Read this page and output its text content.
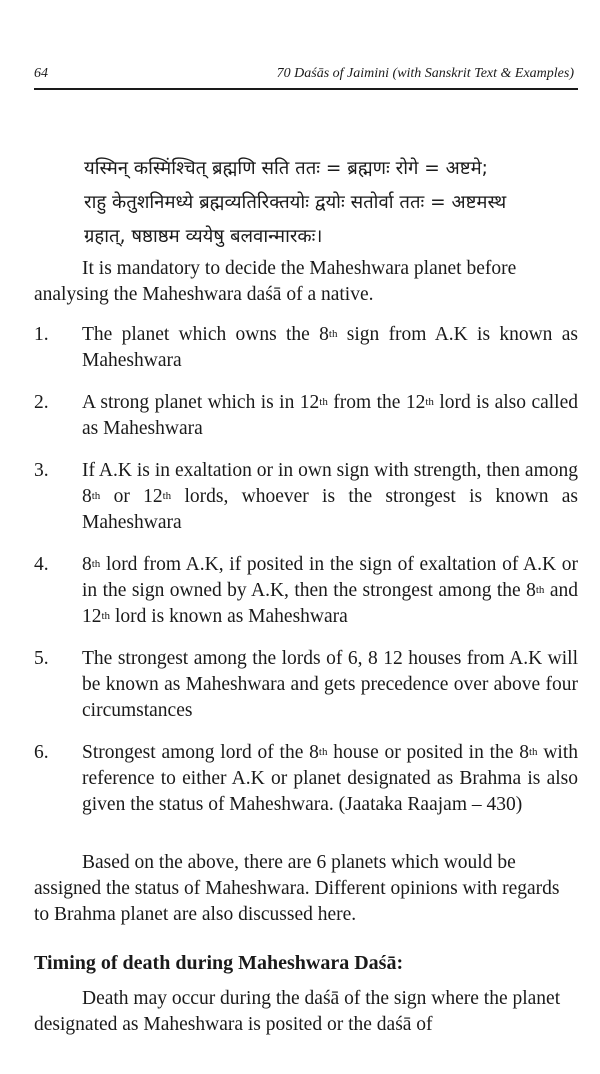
64	70 Daśās of Jaimini (with Sanskrit Text & Examples)
यस्मिन् कस्मिंश्चित् ब्रह्मणि सति ततः = ब्रह्मणः रोगे = अष्टमे;
राहु केतुशनिमध्ये ब्रह्मव्यतिरिक्तयोः द्वयोः सतोर्वा ततः = अष्टमस्थ
ग्रहात्, षष्ठाष्ठम व्ययेषु बलवान्मारकः।
It is mandatory to decide the Maheshwara planet before analysing the Maheshwara daśā of a native.
1. The planet which owns the 8th sign from A.K is known as Maheshwara
2. A strong planet which is in 12th from the 12th lord is also called as Maheshwara
3. If A.K is in exaltation or in own sign with strength, then among 8th or 12th lords, whoever is the strongest is known as Maheshwara
4. 8th lord from A.K, if posited in the sign of exaltation of A.K or in the sign owned by A.K, then the strongest among the 8th and 12th lord is known as Maheshwara
5. The strongest among the lords of 6, 8 12 houses from A.K will be known as Maheshwara and gets precedence over above four circumstances
6. Strongest among lord of the 8th house or posited in the 8th with reference to either A.K or planet designated as Brahma is also given the status of Maheshwara. (Jaataka Raajam – 430)
Based on the above, there are 6 planets which would be assigned the status of Maheshwara. Different opinions with regards to Brahma planet are also discussed here.
Timing of death during Maheshwara Daśā:
Death may occur during the daśā of the sign where the planet designated as Maheshwara is posited or the daśā of
